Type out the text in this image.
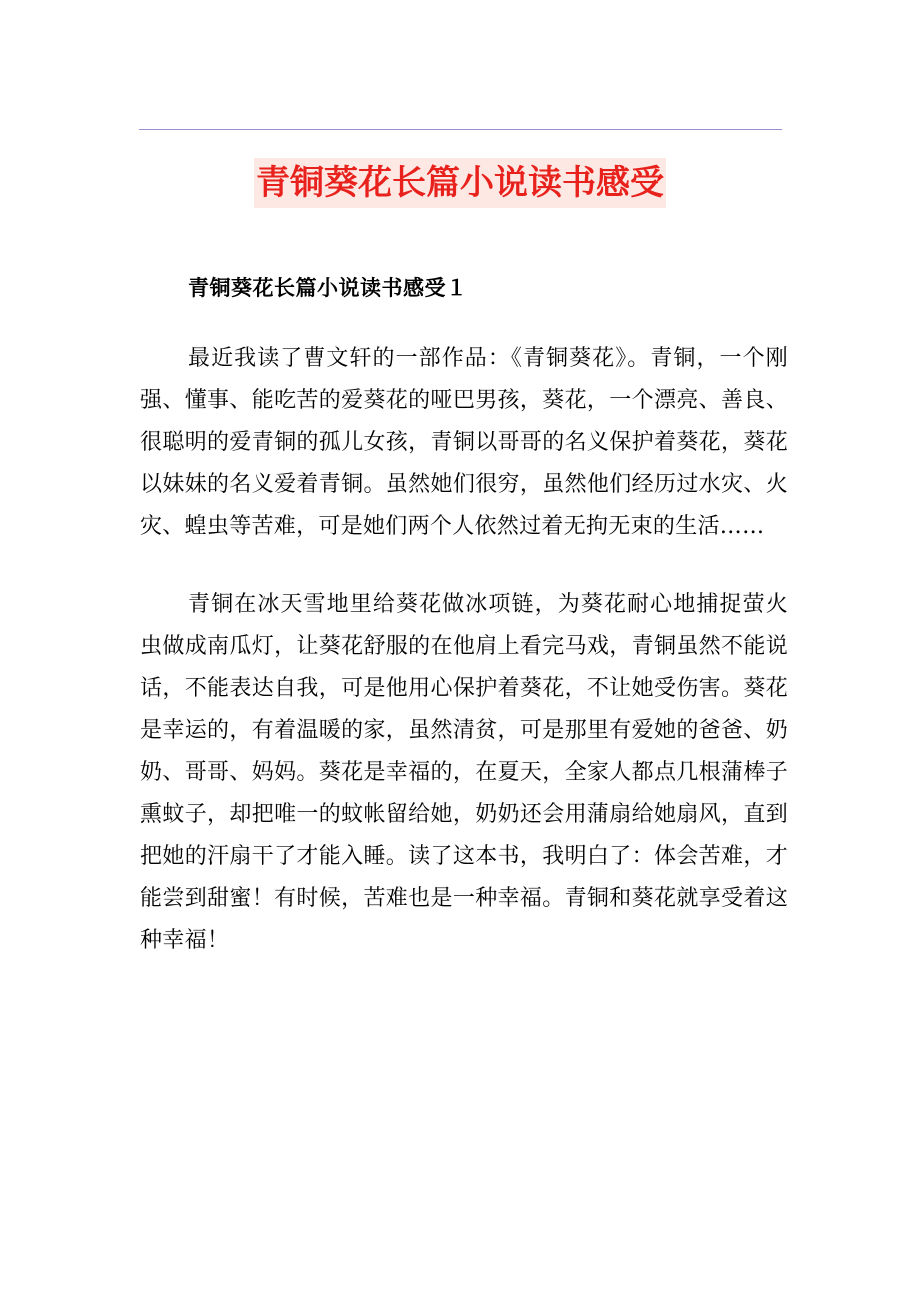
青铜葵花长篇小说读书感受

青铜葵花长篇小说读书感受１

最近我读了曹文轩的一部作品：《青铜葵花》。青铜，一个刚强、懂事、能吃苦的爱葵花的哑巴男孩，葵花，一个漂亮、善良、很聪明的爱青铜的孤儿女孩，青铜以哥哥的名义保护着葵花，葵花以妹妹的名义爱着青铜。虽然她们很穷，虽然他们经历过水灾、火灾、蝗虫等苦难，可是她们两个人依然过着无拘无束的生活……

青铜在冰天雪地里给葵花做冰项链，为葵花耐心地捕捉萤火虫做成南瓜灯，让葵花舒服的在他肩上看完马戏，青铜虽然不能说话，不能表达自我，可是他用心保护着葵花，不让她受伤害。葵花是幸运的，有着温暖的家，虽然清贫，可是那里有爱她的爸爸、奶奶、哥哥、妈妈。葵花是幸福的，在夏天，全家人都点几根蒲棒子熏蚊子，却把唯一的蚊帐留给她，奶奶还会用蒲扇给她扇风，直到把她的汗扇干了才能入睡。读了这本书，我明白了：体会苦难，才能尝到甜蜜！有时候，苦难也是一种幸福。青铜和葵花就享受着这种幸福！
